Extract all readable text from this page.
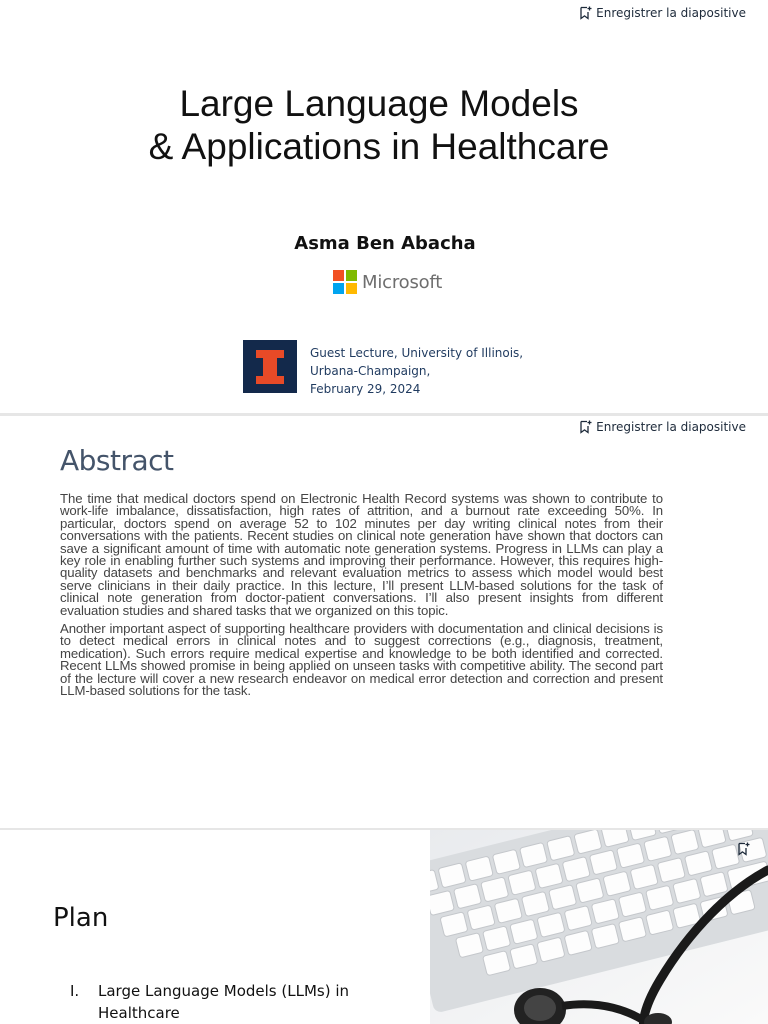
Enregistrer la diapositive
Large Language Models
& Applications in Healthcare
Asma Ben Abacha
Microsoft
Guest Lecture, University of Illinois,
Urbana-Champaign,
February 29, 2024
Enregistrer la diapositive
Abstract

The time that medical doctors spend on Electronic Health Record systems was shown to contribute to work-life imbalance, dissatisfaction, high rates of attrition, and a burnout rate exceeding 50%. In particular, doctors spend on average 52 to 102 minutes per day writing clinical notes from their conversations with the patients. Recent studies on clinical note generation have shown that doctors can save a significant amount of time with automatic note generation systems. Progress in LLMs can play a key role in enabling further such systems and improving their performance. However, this requires high-quality datasets and benchmarks and relevant evaluation metrics to assess which model would best serve clinicians in their daily practice. In this lecture, I’ll present LLM-based solutions for the task of clinical note generation from doctor-patient conversations. I’ll also present insights from different evaluation studies and shared tasks that we organized on this topic.

Another important aspect of supporting healthcare providers with documentation and clinical decisions is to detect medical errors in clinical notes and to suggest corrections (e.g., diagnosis, treatment, medication). Such errors require medical expertise and knowledge to be both identified and corrected. Recent LLMs showed promise in being applied on unseen tasks with competitive ability. The second part of the lecture will cover a new research endeavor on medical error detection and correction and present LLM-based solutions for the task.

Plan
I.	Large Language Models (LLMs) in Healthcare
